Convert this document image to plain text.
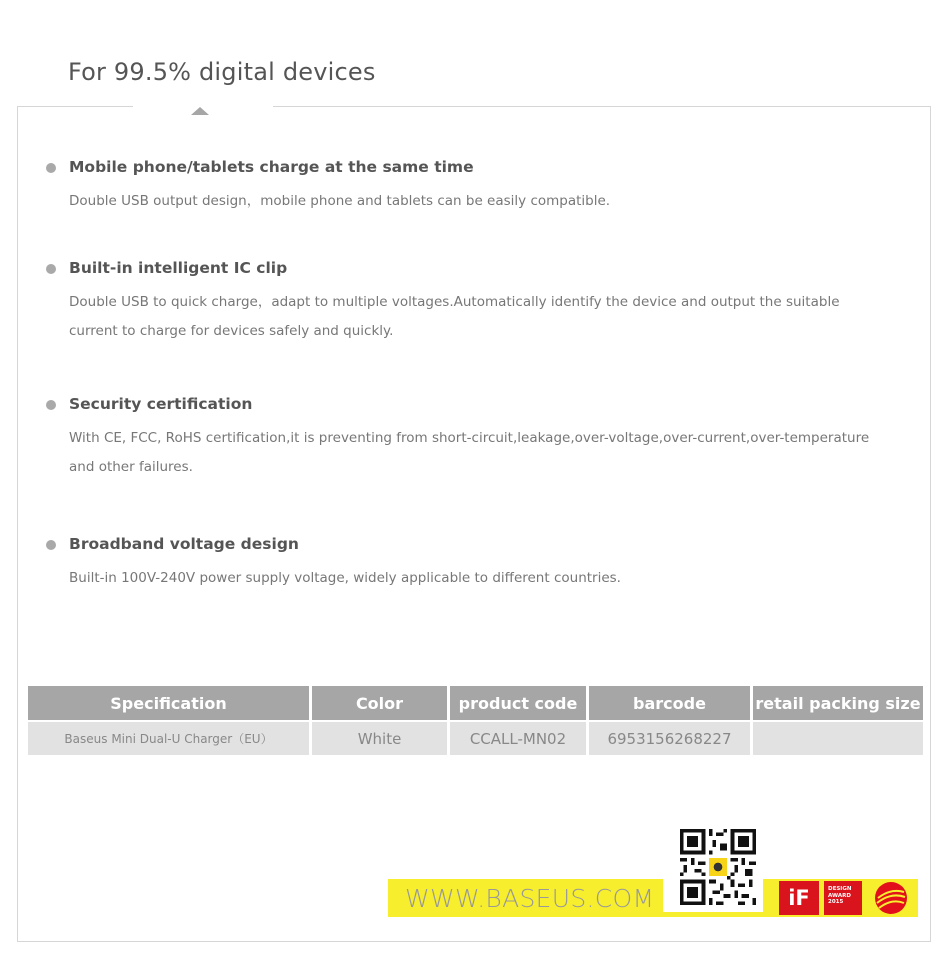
For 99.5% digital devices
Mobile phone/tablets charge at the same time

Double USB output design，mobile phone and tablets can be easily compatible.

Built-in intelligent IC clip

Double USB to quick charge，adapt to multiple voltages.Automatically identify the device and output the suitable current to charge for devices safely and quickly.

Security certification

With CE, FCC, RoHS certification,it is preventing from short-circuit,leakage,over-voltage,over-current,over-temperature and other failures.

Broadband voltage design

Built-in 100V-240V power supply voltage, widely applicable to different countries.

Specification	Color	product code	barcode	retail packing size
Baseus Mini Dual-U Charger（EU）	White	CCALL-MN02	6953156268227	
WWW.BASEUS.COM	iF	DESIGN
AWARD
2015
